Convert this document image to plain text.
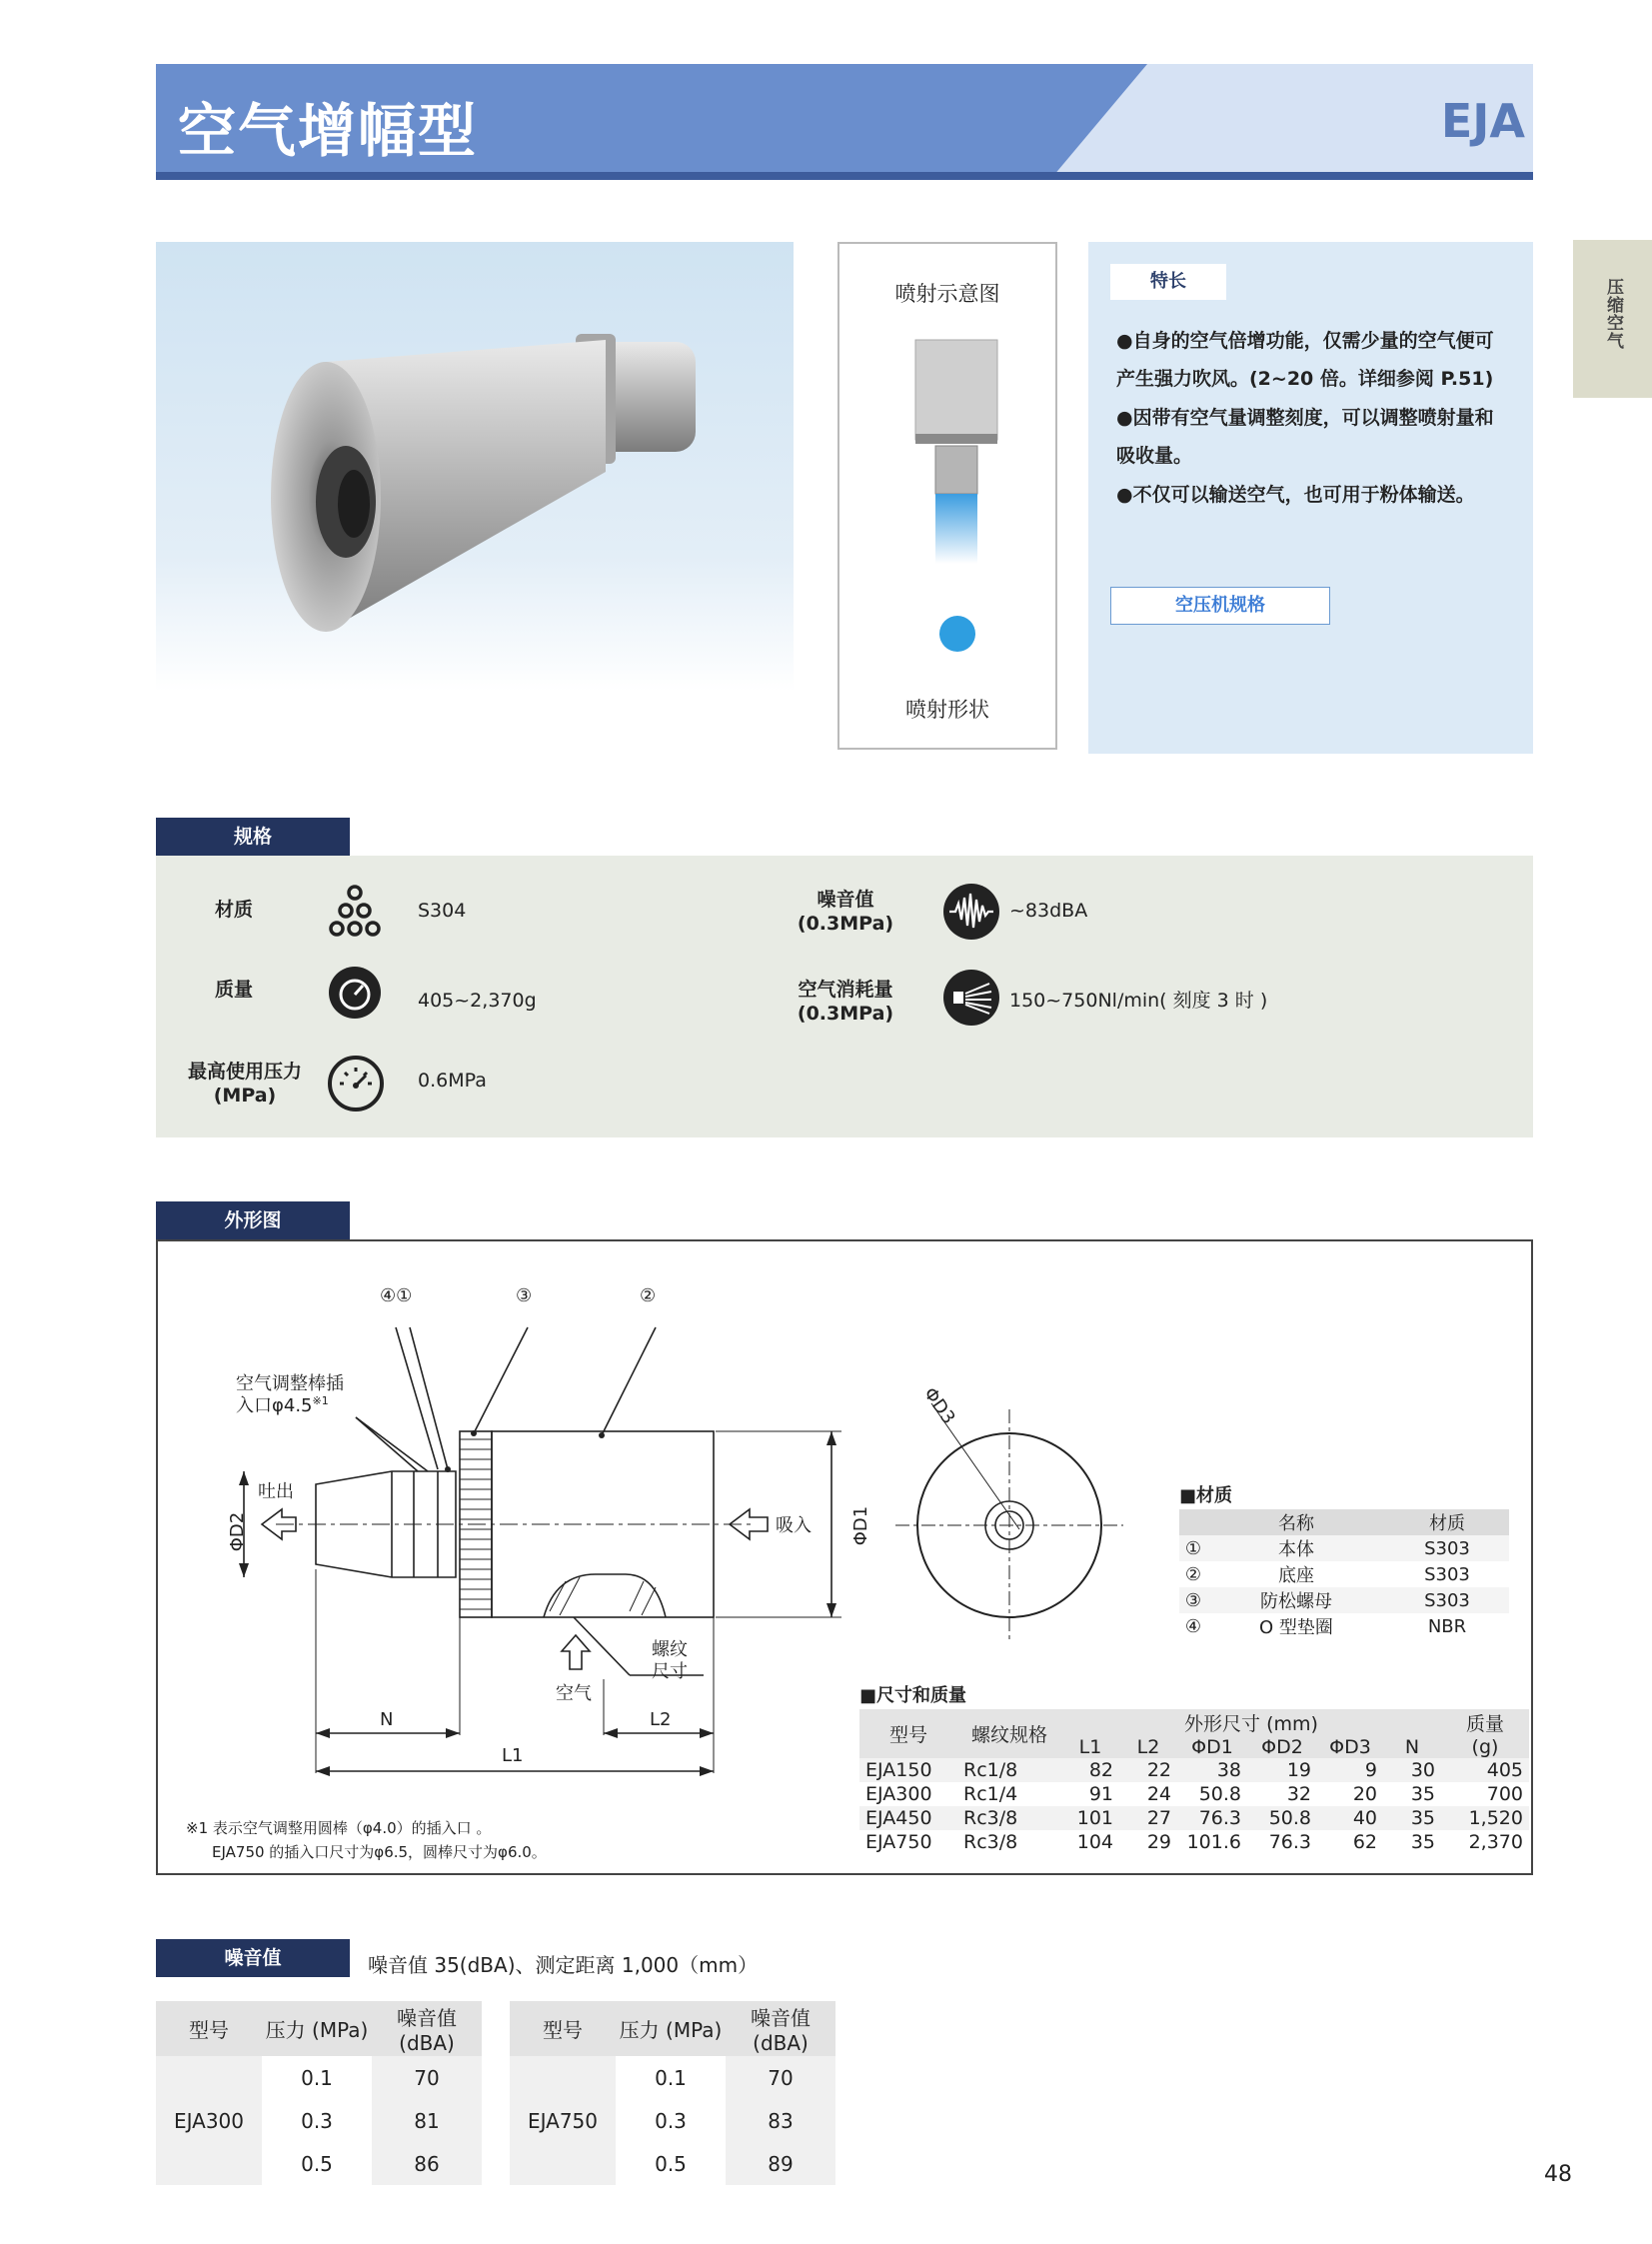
空气增幅型	EJA
压缩空气
喷射示意图
喷射形状
特长
●自身的空气倍增功能，仅需少量的空气便可
产生强力吹风。(2~20 倍。详细参阅 P.51)
●因带有空气量调整刻度，可以调整喷射量和
吸收量。
●不仅可以输送空气，也可用于粉体输送。
空压机规格
规格
材质	S304
质量	405~2,370g
最高使用压力
(MPa)
0.6MPa
噪音值
(0.3MPa)
~83dBA
空气消耗量
(0.3MPa)
150~750Nl/min( 刻度 3 时 )
外形图
④①	③	②
空气调整棒插
入口φ4.5$^{※1}$
吐出
吸入
空气
螺纹
尺寸
ΦD2	ΦD1
ΦD3
N	L2
L1
■材质
	名称	材质
①	本体	S303
②	底座	S303
③	防松螺母	S303
④	O 型垫圈	NBR
■尺寸和质量
型号	螺纹规格	外形尺寸 (mm)						质量
		L1	L2	ΦD1	ΦD2	ΦD3	N	(g)
EJA150	Rc1/8	82	22	38	19	9	30	405
EJA300	Rc1/4	91	24	50.8	32	20	35	700
EJA450	Rc3/8	101	27	76.3	50.8	40	35	1,520
EJA750	Rc3/8	104	29	101.6	76.3	62	35	2,370
※1 表示空气调整用圆棒（φ4.0）的插入口 。
EJA750 的插入口尺寸为φ6.5，圆棒尺寸为φ6.0。
噪音值	噪音值 35(dBA)、测定距离 1,000（mm）
型号	压力 (MPa)	噪音值 (dBA)
EJA300	0.1	70
	0.3	81
	0.5	86
型号	压力 (MPa)	噪音值 (dBA)
EJA750	0.1	70
	0.3	83
	0.5	89	48
